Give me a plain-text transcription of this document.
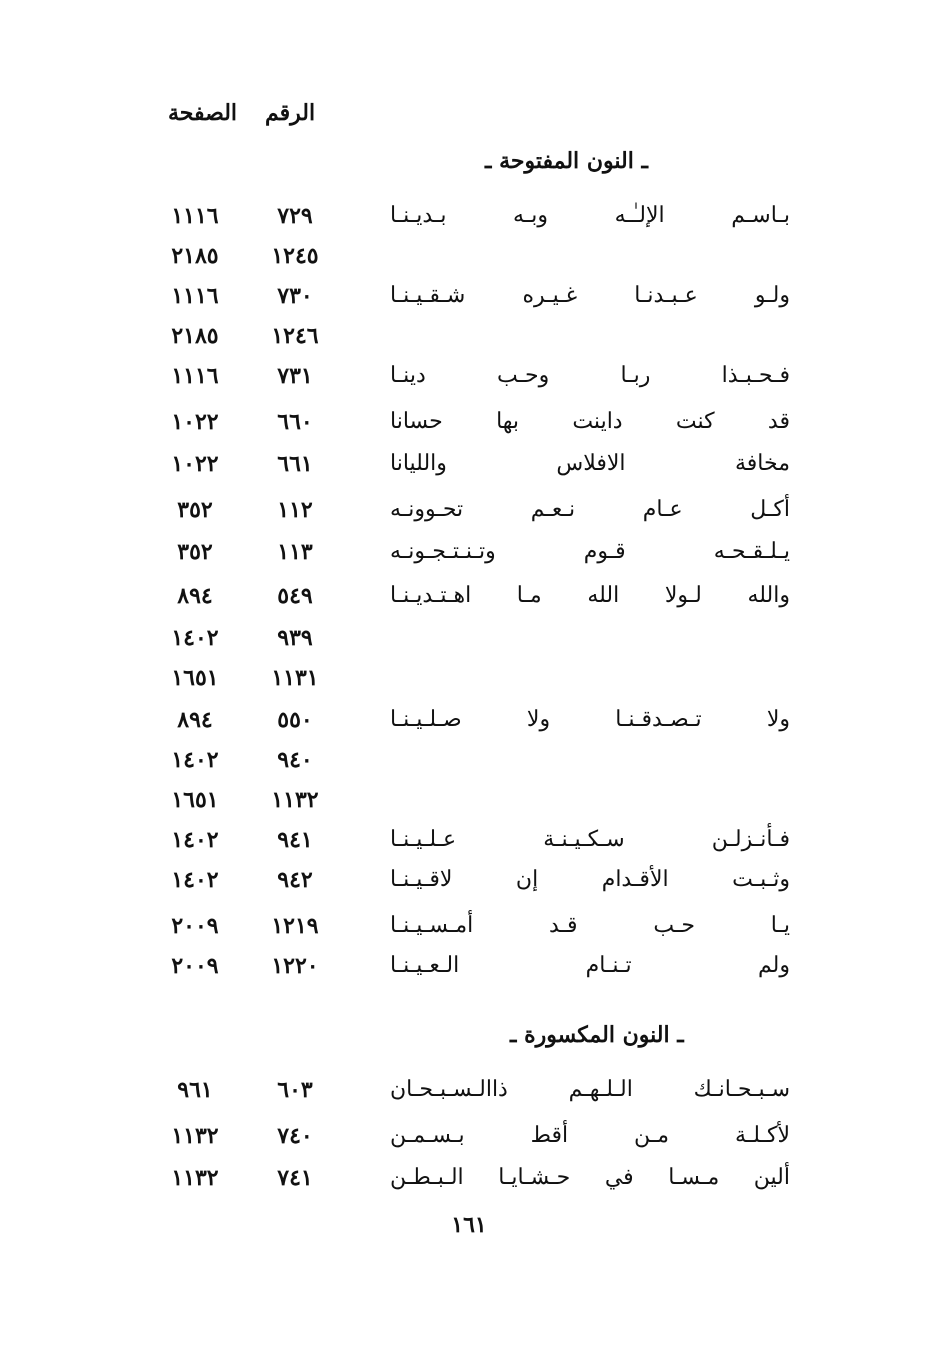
الرقم
الصفحة
ـ النون المفتوحة ـ
بـاسـم
الإلـٰـه
وبـه
بـديـنـا
٧٢٩
١١١٦
١٢٤٥
٢١٨٥
ولـو
عـبـدنـا
غـيـره
شـقـيـنـا
٧٣٠
١١١٦
١٢٤٦
٢١٨٥
فـحـبـذا
ربـا
وحـب
دينـا
٧٣١
١١١٦
قد
كنت
داينت
بها
حسانا
٦٦٠
١٠٢٢
مخافة
الافلاس
والليانا
٦٦١
١٠٢٢
أكـل
عـام
نـعـم
تحـوونـه
١١٢
٣٥٢
يـلـقـحـه
قـوم
وتـنـتـجـونـه
١١٣
٣٥٢
والله
لـولا
الله
مـا
اهـتـديـنـا
٥٤٩
٨٩٤
٩٣٩
١٤٠٢
١١٣١
١٦٥١
ولا
تـصـدقـنـا
ولا
صـلـيـنـا
٥٥٠
٨٩٤
٩٤٠
١٤٠٢
١١٣٢
١٦٥١
فـأنـزلـن
سـكـيـنـة
عـلـيـنـا
٩٤١
١٤٠٢
وثـبـت
الأقـدام
إن
لاقـيـنـا
٩٤٢
١٤٠٢
يـا
حـب
قـد
أمـسـيـنـا
١٢١٩
٢٠٠٩
ولم
تـنـام
الـعـيـنـا
١٢٢٠
٢٠٠٩
ـ النون المكسورة ـ
سـبـحـانـك
الـلـهـم
ذاالـسـبـحـان
٦٠٣
٩٦١
لأكـلـة
مـن
أقط
بـسـمـن
٧٤٠
١١٣٢
ألين
مـسـا
في
حـشـايـا
الـبـطـن
٧٤١
١١٣٢
١٦١
